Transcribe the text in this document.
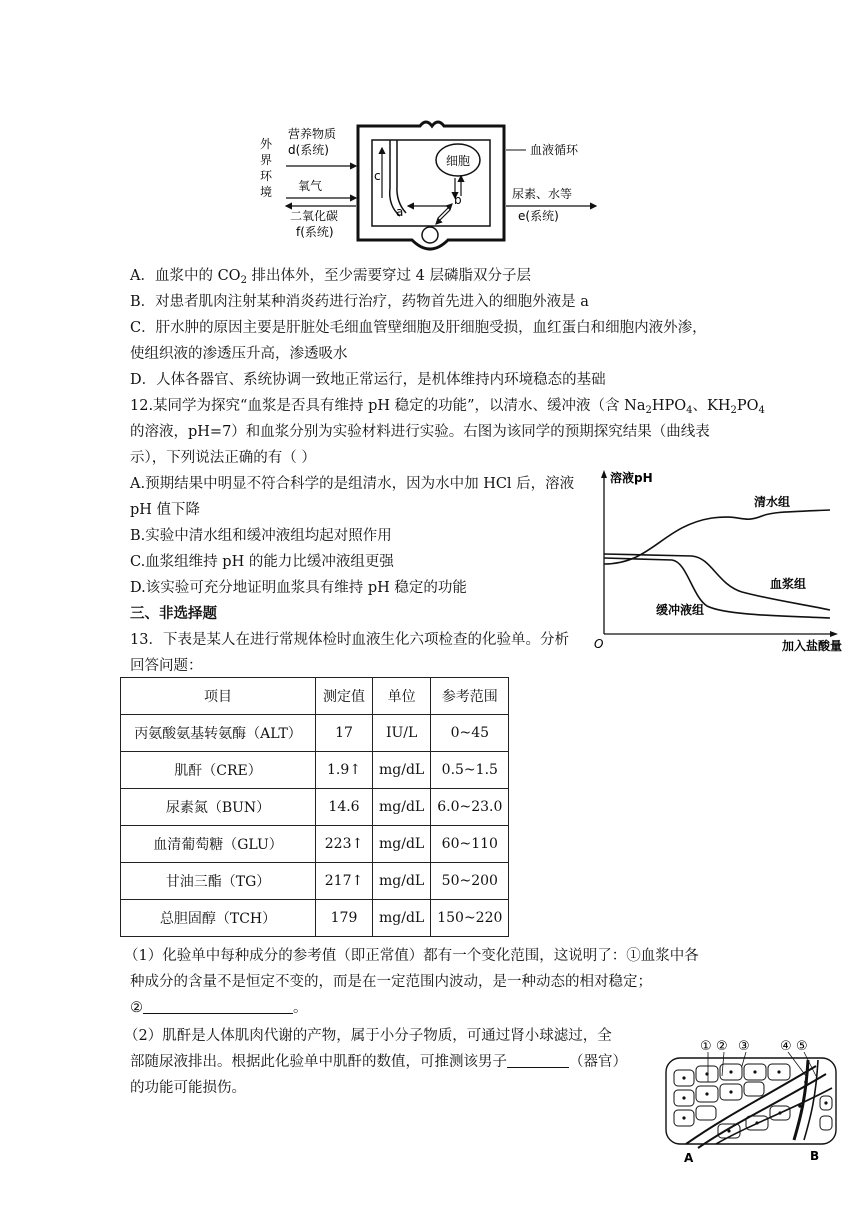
外
界
环
境
营养物质
d(系统)
氧气
二氧化碳
f(系统)
血液循环
尿素、水等
e(系统)
细胞
a
b
c
A．血浆中的 $CO_2$ 排出体外，至少需要穿过 4 层磷脂双分子层
B．对患者肌肉注射某种消炎药进行治疗，药物首先进入的细胞外液是 a
C．肝水肿的原因主要是肝脏处毛细血管壁细胞及肝细胞受损，血红蛋白和细胞内液外渗，
使组织液的渗透压升高，渗透吸水
D．人体各器官、系统协调一致地正常运行，是机体维持内环境稳态的基础
12.某同学为探究“血浆是否具有维持 pH 稳定的功能”，以清水、缓冲液（含 $Na_2HPO_4$、$KH_2PO_4$
的溶液，pH=7）和血浆分别为实验材料进行实验。右图为该同学的预期探究结果（曲线表
示），下列说法正确的有（ ）
A.预期结果中明显不符合科学的是组清水，因为水中加 HCl 后，溶液
pH 值下降
B.实验中清水组和缓冲液组均起对照作用
C.血浆组维持 pH 的能力比缓冲液组更强
D.该实验可充分地证明血浆具有维持 pH 稳定的功能
溶液pH
加入盐酸量
O
清水组
血浆组
缓冲液组
三、非选择题
13．下表是某人在进行常规体检时血液生化六项检查的化验单。分析
回答问题：
项目	测定值	单位	参考范围
丙氨酸氨基转氨酶（ALT）	17	IU/L	0~45
肌酐（CRE）	1.9↑	mg/dL	0.5~1.5
尿素氮（BUN）	14.6	mg/dL	6.0~23.0
血清葡萄糖（GLU）	223↑	mg/dL	60~110
甘油三酯（TG）	217↑	mg/dL	50~200
总胆固醇（TCH）	179	mg/dL	150~220
（1）化验单中每种成分的参考值（即正常值）都有一个变化范围，这说明了：①血浆中各
种成分的含量不是恒定不变的，而是在一定范围内波动，是一种动态的相对稳定；
②	。
（2）肌酐是人体肌肉代谢的产物，属于小分子物质，可通过肾小球滤过，全
部随尿液排出。根据此化验单中肌酐的数值，可推测该男子	（器官）
的功能可能损伤。
① ② ③ ④ ⑤
A	B
